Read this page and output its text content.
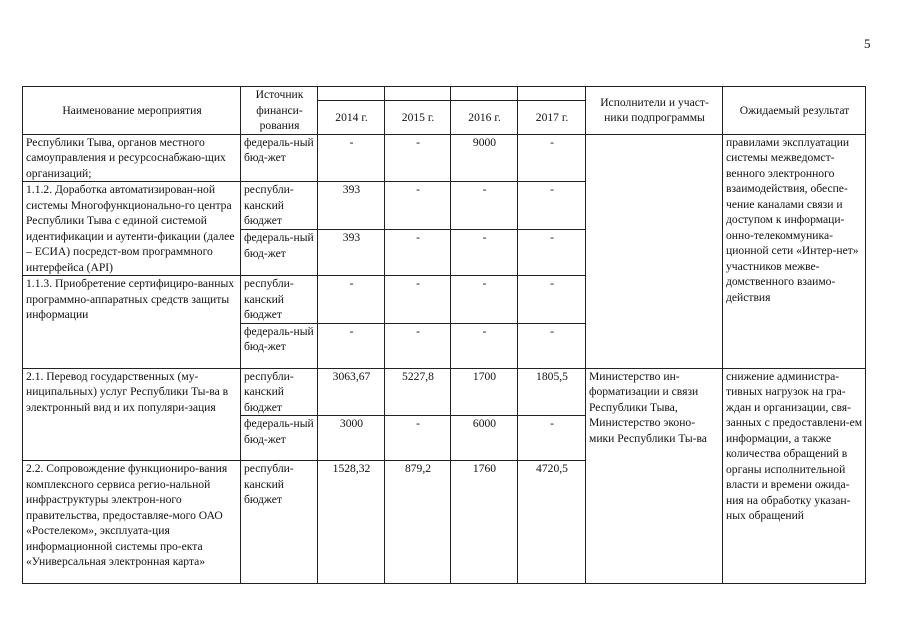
5
Наименование мероприятия	Источник финанси-рования					Исполнители и участ-ники подпрограммы	Ожидаемый результат
		2014 г.	2015 г.	2016 г.	2017 г.		
Республики Тыва, органов местного самоуправления и ресурсоснабжаю-щих организаций;	федераль-ный бюд-жет	-	-	9000	-		правилами эксплуатации системы межведомст-венного электронного взаимодействия, обеспе-чение каналами связи и доступом к информаци-онно-телекоммуника-ционной сети «Интер-нет» участников межве-домственного взаимо-действия
1.1.2. Доработка автоматизирован-ной системы Многофункционально-го центра Республики Тыва с единой системой идентификации и аутенти-фикации (далее – ЕСИА) посредст-вом программного интерфейса (API)	республи-канский бюджет	393	-	-	-		
	федераль-ный бюд-жет	393	-	-	-		
1.1.3. Приобретение сертифициро-ванных программно-аппаратных средств защиты информации	республи-канский бюджет	-	-	-	-		
	федераль-ный бюд-жет	-	-	-	-		
2.1. Перевод государственных (му-ниципальных) услуг Республики Ты-ва в электронный вид и их популяри-зация	республи-канский бюджет	3063,67	5227,8	1700	1805,5	Министерство ин-форматизации и связи Республики Тыва, Министерство эконо-мики Республики Ты-ва	снижение администра-тивных нагрузок на гра-ждан и организации, свя-занных с предоставлени-ем информации, а также количества обращений в органы исполнительной власти и времени ожида-ния на обработку указан-ных обращений
	федераль-ный бюд-жет	3000	-	6000	-		
2.2. Сопровождение функциониро-вания комплексного сервиса регио-нальной инфраструктуры электрон-ного правительства, предоставляе-мого ОАО «Ростелеком», эксплуата-ция информационной системы про-екта «Универсальная электронная карта»	республи-канский бюджет	1528,32	879,2	1760	4720,5		
